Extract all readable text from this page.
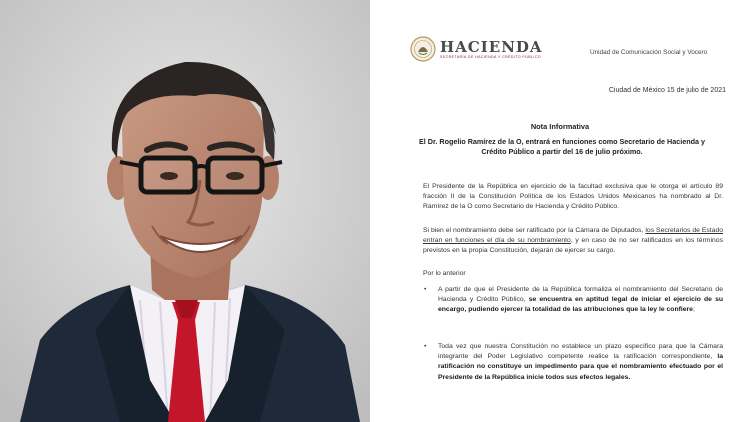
HACIENDA
SECRETARÍA DE HACIENDA Y CRÉDITO PÚBLICO
Unidad de Comunicación Social y Vocero
Ciudad de México 15 de julio de 2021
Nota Informativa
El Dr. Rogelio Ramírez de la O, entrará en funciones como Secretario de Hacienda y Crédito Público a partir del 16 de julio próximo.

El Presidente de la República en ejercicio de la facultad exclusiva que le otorga el artículo 89 fracción II de la Constitución Política de los Estados Unidos Mexicanos ha nombrado al Dr. Ramírez de la O como Secretario de Hacienda y Crédito Público.

Si bien el nombramiento debe ser ratificado por la Cámara de Diputados, los Secretarios de Estado entran en funciones el día de su nombramiento, y en caso de no ser ratificados en los términos previstos en la propia Constitución, dejarán de ejercer su cargo.

Por lo anterior

• A partir de que el Presidente de la República formaliza el nombramiento del Secretario de Hacienda y Crédito Público, se encuentra en aptitud legal de iniciar el ejercicio de su encargo, pudiendo ejercer la totalidad de las atribuciones que la ley le confiere;

• Toda vez que nuestra Constitución no establece un plazo específico para que la Cámara integrante del Poder Legislativo competente realice la ratificación correspondiente, la ratificación no constituye un impedimento para que el nombramiento efectuado por el Presidente de la República inicie todos sus efectos legales.
